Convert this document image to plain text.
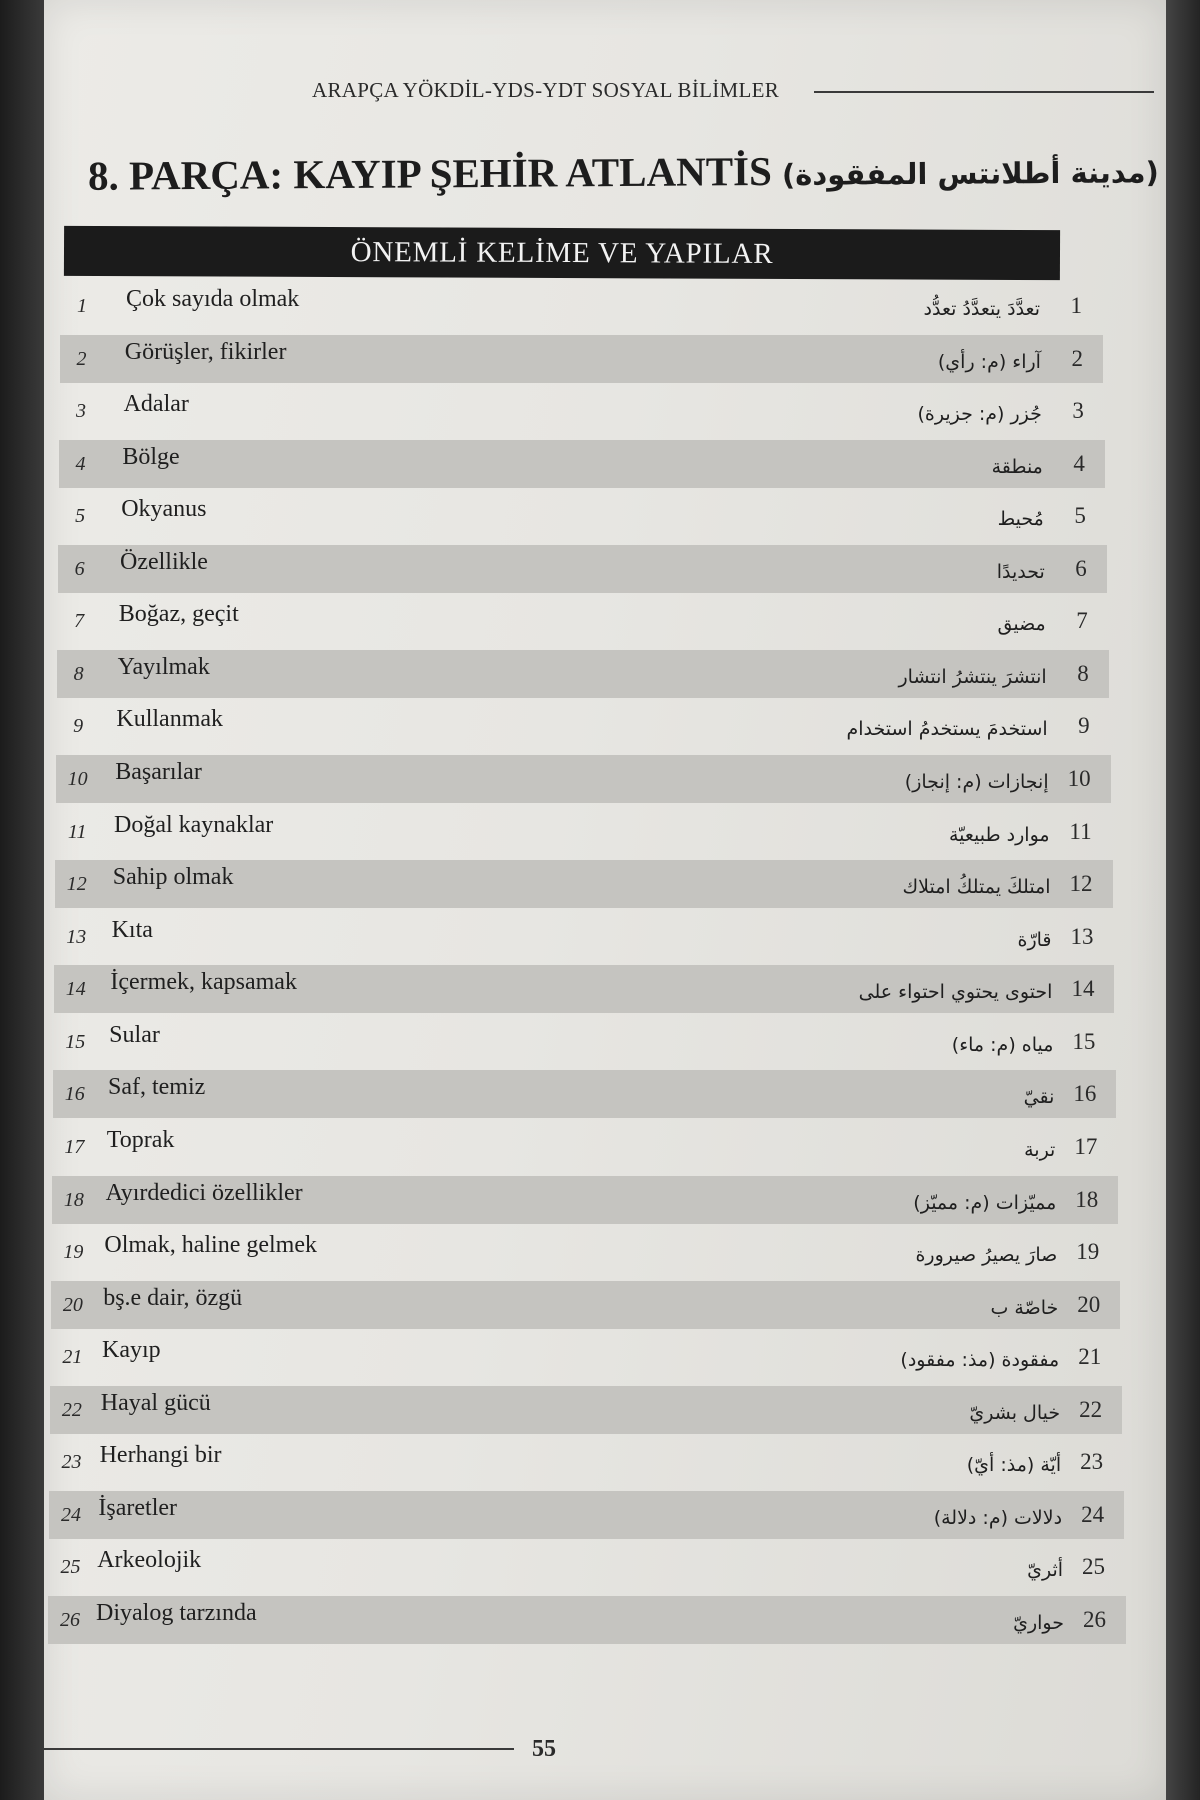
ARAPÇA YÖKDİL-YDS-YDT SOSYAL BİLİMLER
8. PARÇA: KAYIP ŞEHİR ATLANTİS (مدينة أطلانتس المفقودة)
ÖNEMLİ KELİME VE YAPILAR
1	Çok sayıda olmak	تعدَّدَ يتعدَّدُ تعدُّد	1
2	Görüşler, fikirler	آراء (م: رأي)	2
3	Adalar	جُزر (م: جزيرة)	3
4	Bölge	منطقة	4
5	Okyanus	مُحيط	5
6	Özellikle	تحديدًا	6
7	Boğaz, geçit	مضيق	7
8	Yayılmak	انتشرَ ينتشرُ انتشار	8
9	Kullanmak	استخدمَ يستخدمُ استخدام	9
10	Başarılar	إنجازات (م: إنجاز) 10
11	Doğal kaynaklar	موارد طبيعيّة 11
12	Sahip olmak	امتلكَ يمتلكُ امتلاك 12
13	Kıta	قارّة 13
14	İçermek, kapsamak	احتوى يحتوي احتواء على 14
15 Sular	مياه (م: ماء) 15
16 Saf, temiz	نقيّ 16
17 Toprak	تربة 17
18 Ayırdedici özellikler	مميّزات (م: مميّز) 18
19 Olmak, haline gelmek	صارَ يصيرُ صيرورة 19
20 bş.e dair, özgü	خاصّة ب 20
21 Kayıp	مفقودة (مذ: مفقود) 21
22 Hayal gücü	خيال بشريّ 22
23 Herhangi bir	أيّة (مذ: أيّ) 23
24 İşaretler	دلالات (م: دلالة) 24
25 Arkeolojik	أثريّ 25
26 Diyalog tarzında	حواريّ 26
55
